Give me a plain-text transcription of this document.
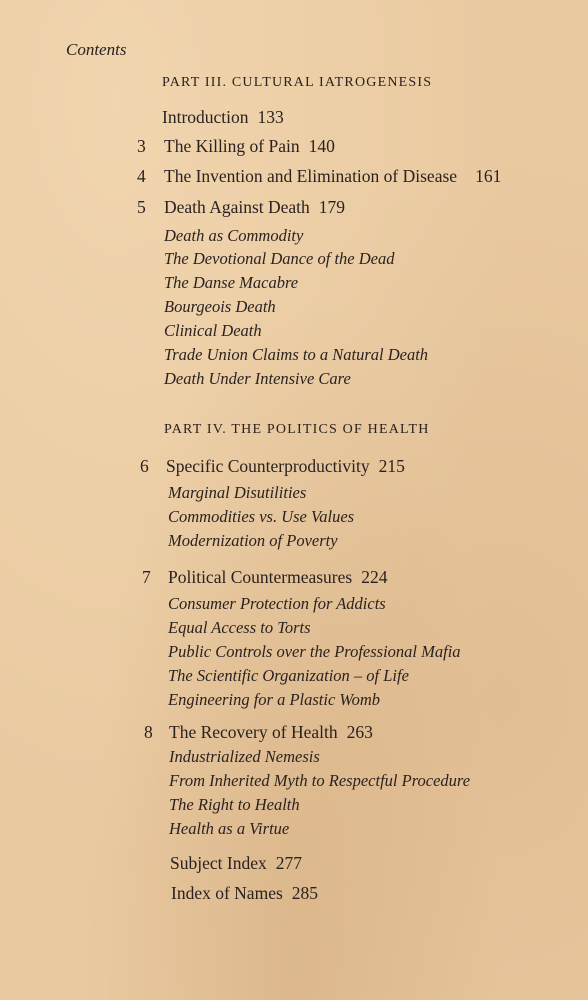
Contents
PART III. CULTURAL IATROGENESIS
Introduction 133
3 The Killing of Pain 140
4 The Invention and Elimination of Disease 161
5 Death Against Death 179
Death as Commodity
The Devotional Dance of the Dead
The Danse Macabre
Bourgeois Death
Clinical Death
Trade Union Claims to a Natural Death
Death Under Intensive Care
PART IV. THE POLITICS OF HEALTH
6 Specific Counterproductivity 215
Marginal Disutilities
Commodities vs. Use Values
Modernization of Poverty
7 Political Countermeasures 224
Consumer Protection for Addicts
Equal Access to Torts
Public Controls over the Professional Mafia
The Scientific Organization – of Life
Engineering for a Plastic Womb
8 The Recovery of Health 263
Industrialized Nemesis
From Inherited Myth to Respectful Procedure
The Right to Health
Health as a Virtue
Subject Index 277
Index of Names 285
